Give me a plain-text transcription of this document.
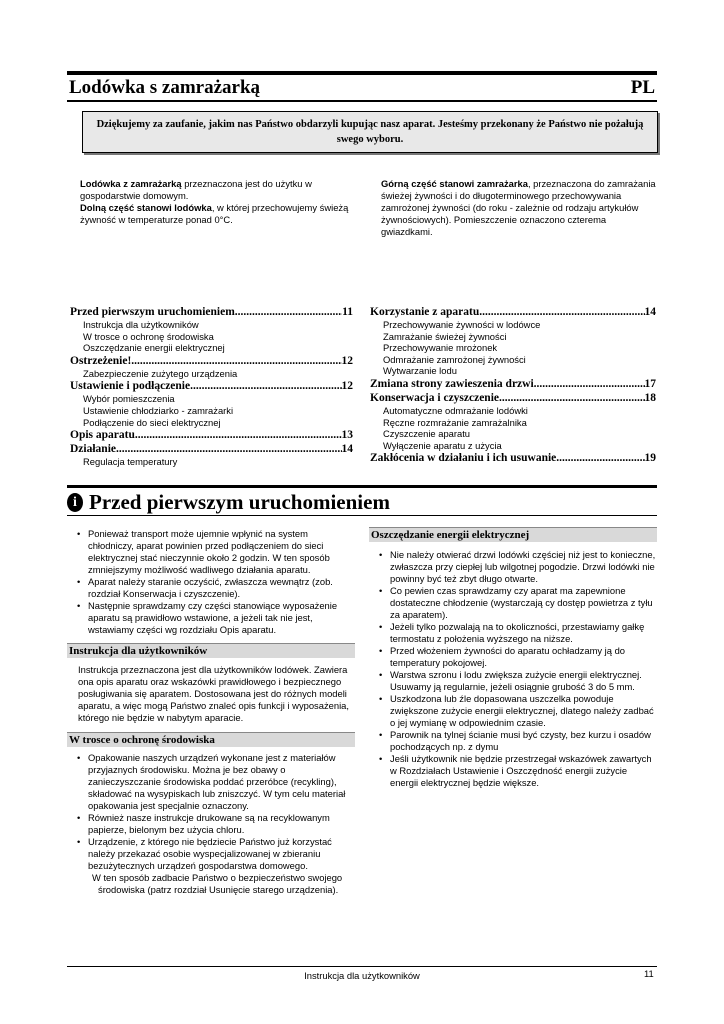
Lodówka s zamrażarką	PL
Dziękujemy za zaufanie, jakim nas Państwo obdarzyli kupując nasz aparat. Jesteśmy przekonany że Państwo nie pożałują swego wyboru.
Lodówka z zamrażarką przeznaczona jest do użytku w gospodarstwie domowym.
Dolną część stanowi lodówka, w której przechowujemy świeżą żywność w temperaturze ponad 0°C.
Górną część stanowi zamrażarka, przeznaczona do zamrażania świeżej żywności i do długoterminowego przechowywania zamrożonej żywności (do roku - zależnie od rodzaju artykułów żywnościowych). Pomieszczenie oznaczono czterema gwiazdkami.
Przed pierwszym uruchomieniem .....	11
Instrukcja dla użytkowników
W trosce o ochronę środowiska
Oszczędzanie energii elektrycznej
Ostrzeżenie! .....	12
Zabezpieczenie zużytego urządzenia
Ustawienie i podłączenie .....	12
Wybór pomieszczenia
Ustawienie chłodziarko - zamrażarki
Podłączenie do sieci elektrycznej
Opis aparatu .....	13
Działanie .....	14
Regulacja temperatury
Korzystanie z aparatu .....	14
Przechowywanie żywności w lodówce
Zamrażanie świeżej żywności
Przechowywanie mrożonek
Odmrażanie zamrożonej żywności
Wytwarzanie lodu
Zmiana strony zawieszenia drzwi .....	17
Konserwacja i czyszczenie .....	18
Automatyczne odmrażanie lodówki
Ręczne rozmrażanie zamrażalnika
Czyszczenie aparatu
Wyłączenie aparatu z użycia
Zakłócenia w działaniu i ich usuwanie .....	19
i Przed pierwszym uruchomieniem
• Ponieważ transport może ujemnie wpłynić na system chłodniczy, aparat powinien przed podłączeniem do sieci elektrycznej stać nieczynnie około 2 godzin. W ten sposób zmniejszymy możliwość wadliwego działania aparatu.
• Aparat należy staranie oczyścić, zwłaszcza wewnątrz (zob. rozdział Konserwacja i czyszczenie).
• Następnie sprawdzamy czy części stanowiące wyposażenie aparatu są prawidłowo wstawione, a jeżeli tak nie jest, wstawiamy części wg rozdziału Opis aparatu.
Instrukcja dla użytkowników
Instrukcja przeznaczona jest dla użytkowników lodówek. Zawiera ona opis aparatu oraz wskazówki prawidłowego i bezpiecznego posługiwania się aparatem. Dostosowana jest do różnych modeli aparatu, a więc mogą Państwo znaleć opis funkcji i wyposażenia, którego nie będzie w nabytym aparacie.
W trosce o ochronę środowiska
• Opakowanie naszych urządzeń wykonane jest z materiałów przyjaznych środowisku. Można je bez obawy o zanieczyszczanie środowiska poddać przeróbce (recykling), składować na wysypiskach lub zniszczyć. W tym celu materiał opakowania jest specjalnie oznaczony.
• Również nasze instrukcje drukowane są na recyklowanym papierze, bielonym bez użycia chloru.
• Urządzenie, z którego nie będziecie Państwo już korzystać należy przekazać osobie wyspecjalizowanej w zbieraniu bezużytecznych urządzeń gospodarstwa domowego.
W ten sposób zadbacie Państwo o bezpieczeństwo swojego środowiska (patrz rozdział Usunięcie starego urządzenia).
Oszczędzanie energii elektrycznej
• Nie należy otwierać drzwi lodówki częściej niż jest to konieczne, zwłaszcza przy ciepłej lub wilgotnej pogodzie. Drzwi lodówki nie powinny być też zbyt długo otwarte.
• Co pewien czas sprawdzamy czy aparat ma zapewnione dostateczne chłodzenie (wystarczają cy dostęp powietrza z tyłu za aparatem).
• Jeżeli tylko pozwalają na to okoliczności, przestawiamy gałkę termostatu z położenia wyższego na niższe.
• Przed włożeniem żywności do aparatu ochładzamy ją do temperatury pokojowej.
• Warstwa szronu i lodu zwiększa zużycie energii elektrycznej. Usuwamy ją regularnie, jeżeli osiągnie grubość 3 do 5 mm.
• Uszkodzona lub źle dopasowana uszczelka powoduje zwiększone zużycie energii elektrycznej, dlatego należy zadbać o jej wymianę w odpowiednim czasie.
• Parownik na tylnej ścianie musi być czysty, bez kurzu i osadów pochodzących np. z dymu
• Jeśli użytkownik nie będzie przestrzegał wskazówek zawartych w Rozdziałach Ustawienie i Oszczędność energii zużycie energii elektrycznej będzie większe.
Instrukcja dla użytkowników	11
